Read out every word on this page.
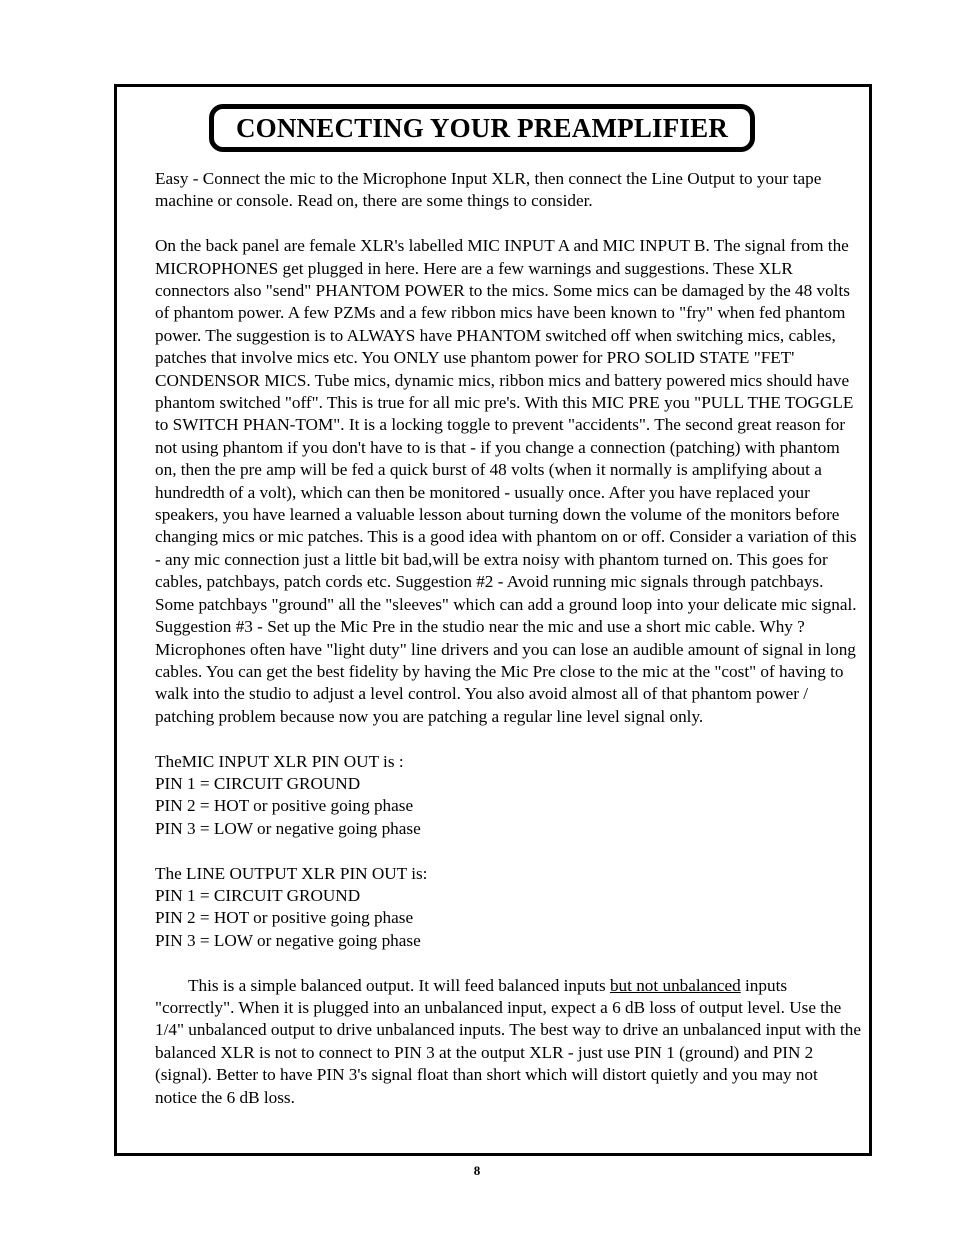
CONNECTING YOUR PREAMPLIFIER

Easy - Connect the mic to the Microphone Input XLR, then connect the Line Output to your tape machine or console. Read on, there are some things to consider.

On the back panel are female XLR's labelled MIC INPUT A and MIC INPUT B. The signal from the MICROPHONES get plugged in here. Here are a few warnings and suggestions. These XLR connectors also "send" PHANTOM POWER to the mics. Some mics can be damaged by the 48 volts of phantom power. A few PZMs and a few ribbon mics have been known to "fry" when fed phantom power. The suggestion is to ALWAYS have PHANTOM switched off when switching mics, cables, patches that involve mics etc. You ONLY use phantom power for PRO SOLID STATE "FET' CONDENSOR MICS. Tube mics, dynamic mics, ribbon mics and battery powered mics should have phantom switched "off". This is true for all mic pre's. With this MIC PRE you "PULL THE TOGGLE to SWITCH PHAN-TOM". It is a locking toggle to prevent "accidents". The second great reason for not using phantom if you don't have to is that - if you change a connection (patching) with phantom on, then the pre amp will be fed a quick burst of 48 volts (when it normally is amplifying about a hundredth of a volt), which can then be monitored - usually once. After you have replaced your speakers, you have learned a valuable lesson about turning down the volume of the monitors before changing mics or mic patches. This is a good idea with phantom on or off. Consider a variation of this - any mic connection just a little bit bad,will be extra noisy with phantom turned on. This goes for cables, patchbays, patch cords etc. Suggestion #2 - Avoid running mic signals through patchbays. Some patchbays "ground" all the "sleeves" which can add a ground loop into your delicate mic signal. Suggestion #3 - Set up the Mic Pre in the studio near the mic and use a short mic cable. Why ? Microphones often have "light duty" line drivers and you can lose an audible amount of signal in long cables. You can get the best fidelity by having the Mic Pre close to the mic at the "cost" of having to walk into the studio to adjust a level control. You also avoid almost all of that phantom power / patching problem because now you are patching a regular line level signal only.

TheMIC INPUT XLR PIN OUT is :

PIN 1 = CIRCUIT GROUND

PIN 2 = HOT or positive going phase

PIN 3 = LOW or negative going phase

The LINE OUTPUT XLR PIN OUT is:

PIN 1 = CIRCUIT GROUND

PIN 2 = HOT or positive going phase

PIN 3 = LOW or negative going phase

This is a simple balanced output. It will feed balanced inputs but not unbalanced inputs "correctly". When it is plugged into an unbalanced input, expect a 6 dB loss of output level. Use the 1/4" unbalanced output to drive unbalanced inputs. The best way to drive an unbalanced input with the balanced XLR is not to connect to PIN 3 at the output XLR - just use PIN 1 (ground) and PIN 2 (signal). Better to have PIN 3's signal float than short which will distort quietly and you may not notice the 6 dB loss.

8
